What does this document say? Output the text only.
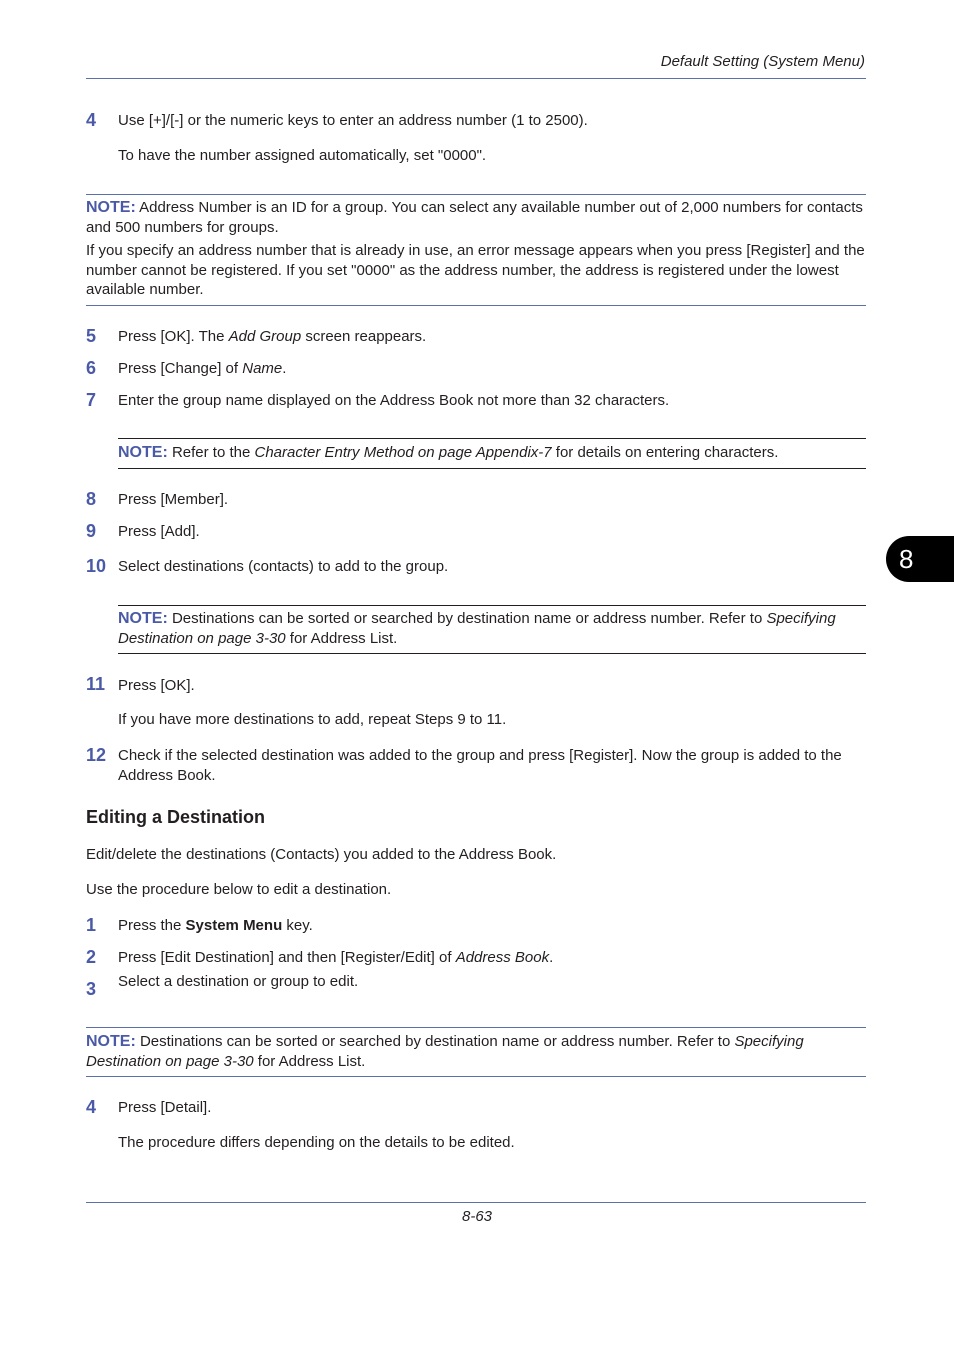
Default Setting (System Menu)
8
4 Use [+]/[-] or the numeric keys to enter an address number (1 to 2500).
To have the number assigned automatically, set "0000".
NOTE: Address Number is an ID for a group. You can select any available number out of 2,000 numbers for contacts and 500 numbers for groups.
If you specify an address number that is already in use, an error message appears when you press [Register] and the number cannot be registered. If you set "0000" as the address number, the address is registered under the lowest available number.
5 Press [OK]. The Add Group screen reappears.
6 Press [Change] of Name.
7 Enter the group name displayed on the Address Book not more than 32 characters.
NOTE: Refer to the Character Entry Method on page Appendix-7 for details on entering characters.
8 Press [Member].
9 Press [Add].
10 Select destinations (contacts) to add to the group.
NOTE: Destinations can be sorted or searched by destination name or address number. Refer to Specifying Destination on page 3-30 for Address List.
11 Press [OK].
If you have more destinations to add, repeat Steps 9 to 11.
12 Check if the selected destination was added to the group and press [Register]. Now the group is added to the Address Book.
Editing a Destination
Edit/delete the destinations (Contacts) you added to the Address Book.
Use the procedure below to edit a destination.
1 Press the System Menu key.
2 Press [Edit Destination] and then [Register/Edit] of Address Book.
3 Select a destination or group to edit.
NOTE: Destinations can be sorted or searched by destination name or address number. Refer to Specifying Destination on page 3-30 for Address List.
4 Press [Detail].
The procedure differs depending on the details to be edited.
8-63
